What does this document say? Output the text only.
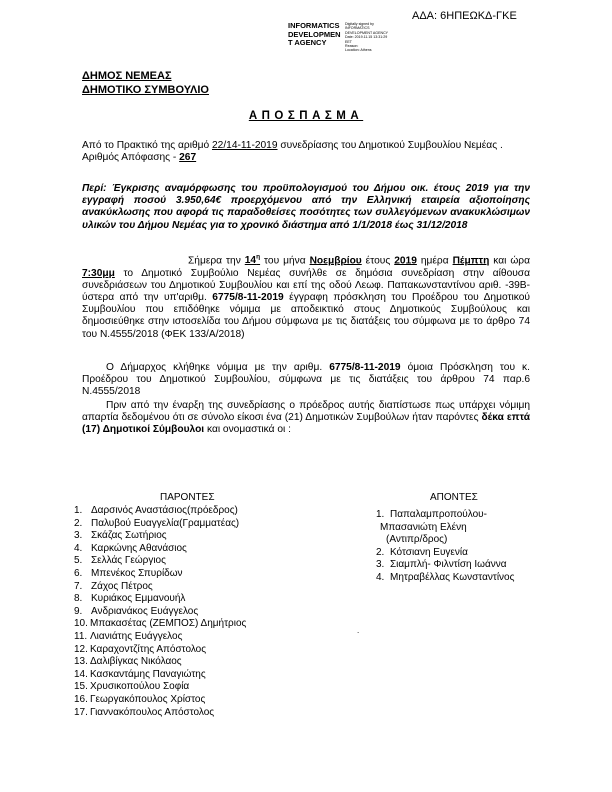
ΑΔΑ: 6ΗΠΕΩΚΔ-ΓΚΕ
INFORMATICS
DEVELOPMEN
T AGENCY
Digitally signed by
INFORMATICS
DEVELOPMENT AGENCY
Date: 2019.11.15 13:31:29
EET
Reason:
Location: Athens
ΔΗΜΟΣ ΝΕΜΕΑΣ
ΔΗΜΟΤΙΚΟ ΣΥΜΒΟΥΛΙΟ
ΑΠΟΣΠΑΣΜΑ
Από το Πρακτικό της αριθμό 22/14-11-2019 συνεδρίασης του Δημοτικού Συμβουλίου Νεμέας .
Αριθμός Απόφασης - 267
Περί: Έγκρισης αναμόρφωσης του προϋπολογισμού του Δήμου οικ. έτους 2019 για την εγγραφή ποσού 3.950,64€ προερχόμενου από την Ελληνική εταιρεία αξιοποίησης ανακύκλωσης που αφορά τις παραδοθείσες ποσότητες των συλλεγόμενων ανακυκλώσιμων υλικών του Δήμου Νεμέας για το χρονικό διάστημα από 1/1/2018 έως 31/12/2018
Σήμερα την $14^\eta$ του μήνα Νοεμβρίου έτους 2019 ημέρα Πέμπτη και ώρα 7:30μμ το Δημοτικό Συμβούλιο Νεμέας συνήλθε σε δημόσια συνεδρίαση στην αίθουσα συνεδριάσεων του Δημοτικού Συμβουλίου και επί της οδού Λεωφ. Παπακωνσταντίνου αριθ. -39Β- ύστερα από την υπ'αριθμ. 6775/8-11-2019 έγγραφη πρόσκληση του Προέδρου του Δημοτικού Συμβουλίου που επιδόθηκε νόμιμα με αποδεικτικό στους Δημοτικούς Συμβούλους και δημοσιεύθηκε στην ιστοσελίδα του Δήμου σύμφωνα με τις διατάξεις του σύμφωνα με το άρθρο 74 του Ν.4555/2018 (ΦΕΚ 133/Α/2018)
Ο Δήμαρχος κλήθηκε νόμιμα με την αριθμ. 6775/8-11-2019 όμοια Πρόσκληση του κ. Προέδρου του Δημοτικού Συμβουλίου, σύμφωνα με τις διατάξεις του άρθρου 74 παρ.6 Ν.4555/2018
Πριν από την έναρξη της συνεδρίασης ο πρόεδρος αυτής διαπίστωσε πως υπάρχει νόμιμη απαρτία δεδομένου ότι σε σύνολο είκοσι ένα (21) Δημοτικών Συμβούλων ήταν παρόντες δέκα επτά (17) Δημοτικοί Σύμβουλοι και ονομαστικά οι :
ΠΑΡΟΝΤΕΣ
1. Δαρσινός Αναστάσιος(πρόεδρος)
2. Παλυβού Ευαγγελία(Γραμματέας)
3. Σκάζας Σωτήριος
4. Καρκώνης Αθανάσιος
5. Σελλάς Γεώργιος
6. Μπενέκος Σπυρίδων
7. Ζάχος Πέτρος
8. Κυριάκος Εμμανουήλ
9. Ανδριανάκος Ευάγγελος
10. Μπακασέτας (ΖΕΜΠΟΣ) Δημήτριος
11. Λιανιάτης Ευάγγελος
12. Καραχοντζίτης Απόστολος
13. Δαλιβίγκας Νικόλαος
14. Κασκαντάμης Παναγιώτης
15. Χρυσικοπούλου Σοφία
16. Γεωργακόπουλος Χρίστος
17. Γιαννακόπουλος Απόστολος
ΑΠΟΝΤΕΣ
1. Παπαλαμπροπούλου-
Μπασανιώτη Ελένη
(Αντιπρ/δρος)
2. Κότσιανη Ευγενία
3. Σιαμπλή- Φιλντίση Ιωάννα
4. Μητραβέλλας Κωνσταντίνος
.
